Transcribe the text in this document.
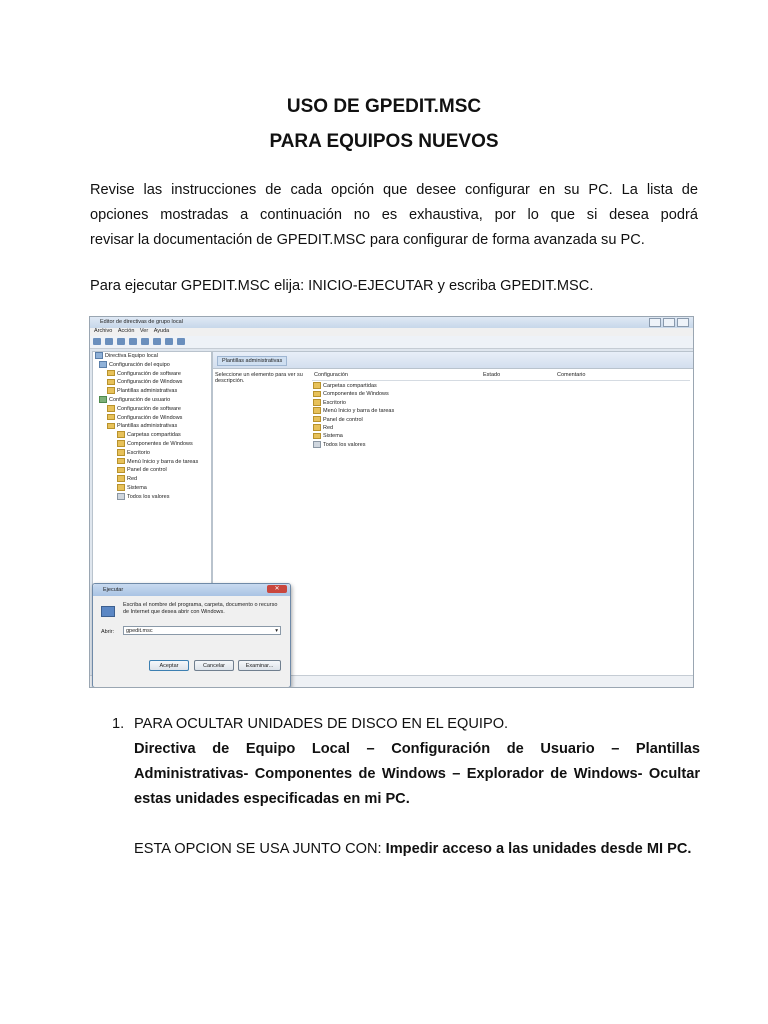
USO DE GPEDIT.MSC
PARA EQUIPOS NUEVOS
Revise las instrucciones de cada opción que desee configurar en su PC. La lista de
opciones mostradas a continuación no es exhaustiva, por lo que si desea podrá
revisar la documentación de GPEDIT.MSC para configurar de forma avanzada su PC.
Para ejecutar GPEDIT.MSC elija: INICIO-EJECUTAR y escriba GPEDIT.MSC.
Editor de directivas de grupo local
Archivo Acción Ver Ayuda
Directiva Equipo local
Configuración del equipo
Configuración de software
Configuración de Windows
Plantillas administrativas
Configuración de usuario
Configuración de software
Configuración de Windows
Plantillas administrativas
Carpetas compartidas
Componentes de Windows
Escritorio
Menú Inicio y barra de tareas
Panel de control
Red
Sistema
Todos los valores
Plantillas administrativas
Seleccione un elemento para ver su descripción.
Configuración	Estado	Comentario
Carpetas compartidas
Componentes de Windows
Escritorio
Menú Inicio y barra de tareas
Panel de control
Red
Sistema
Todos los valores
Ejecutar	✕
Escriba el nombre del programa, carpeta, documento o recurso de Internet que desea abrir con Windows.
Abrir:	gpedit.msc	▾
Aceptar	Cancelar	Examinar...
1. PARA OCULTAR UNIDADES DE DISCO EN EL EQUIPO.
Directiva de Equipo Local – Configuración de Usuario – Plantillas
Administrativas- Componentes de Windows – Explorador de Windows- Ocultar
estas unidades especificadas en mi PC.
ESTA OPCION SE USA JUNTO CON: Impedir acceso a las unidades desde MI PC.
